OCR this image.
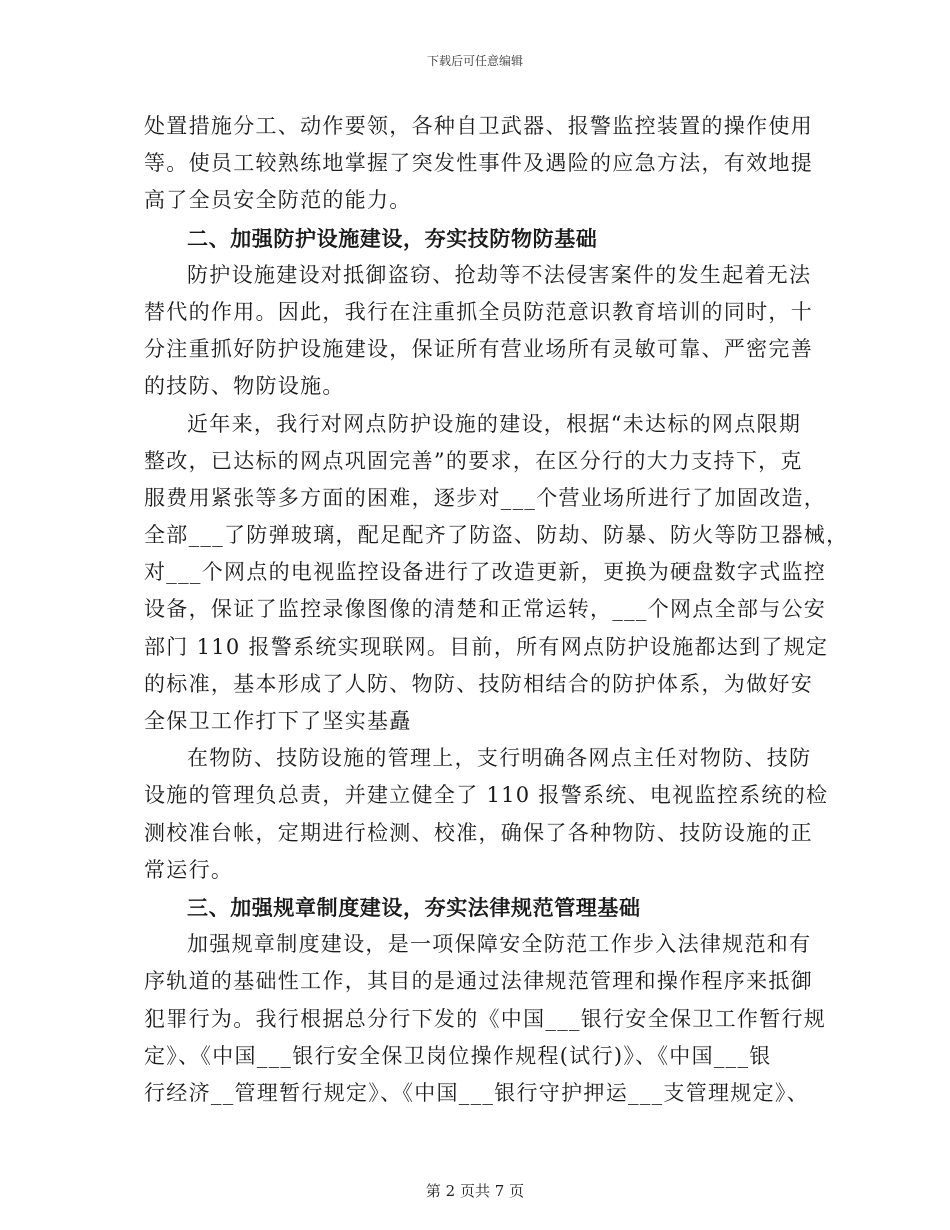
下载后可任意编辑
处置措施分工、动作要领，各种自卫武器、报警监控装置的操作使用
等。使员工较熟练地掌握了突发性事件及遇险的应急方法，有效地提
高了全员安全防范的能力。
二、加强防护设施建设，夯实技防物防基础
防护设施建设对抵御盗窃、抢劫等不法侵害案件的发生起着无法
替代的作用。因此，我行在注重抓全员防范意识教育培训的同时，十
分注重抓好防护设施建设，保证所有营业场所有灵敏可靠、严密完善
的技防、物防设施。
近年来，我行对网点防护设施的建设，根据“未达标的网点限期
整改，已达标的网点巩固完善”的要求，在区分行的大力支持下，克
服费用紧张等多方面的困难，逐步对___个营业场所进行了加固改造，
全部___了防弹玻璃，配足配齐了防盗、防劫、防暴、防火等防卫器械，
对___个网点的电视监控设备进行了改造更新，更换为硬盘数字式监控
设备，保证了监控录像图像的清楚和正常运转，___个网点全部与公安
部门 110 报警系统实现联网。目前，所有网点防护设施都达到了规定
的标准，基本形成了人防、物防、技防相结合的防护体系，为做好安
全保卫工作打下了坚实基矗
在物防、技防设施的管理上，支行明确各网点主任对物防、技防
设施的管理负总责，并建立健全了 110 报警系统、电视监控系统的检
测校准台帐，定期进行检测、校准，确保了各种物防、技防设施的正
常运行。
三、加强规章制度建设，夯实法律规范管理基础
加强规章制度建设，是一项保障安全防范工作步入法律规范和有
序轨道的基础性工作，其目的是通过法律规范管理和操作程序来抵御
犯罪行为。我行根据总分行下发的《中国___银行安全保卫工作暂行规
定》、《中国___银行安全保卫岗位操作规程(试行)》、《中国___银
行经济__管理暂行规定》、《中国___银行守护押运___支管理规定》、
第 2 页共 7 页
